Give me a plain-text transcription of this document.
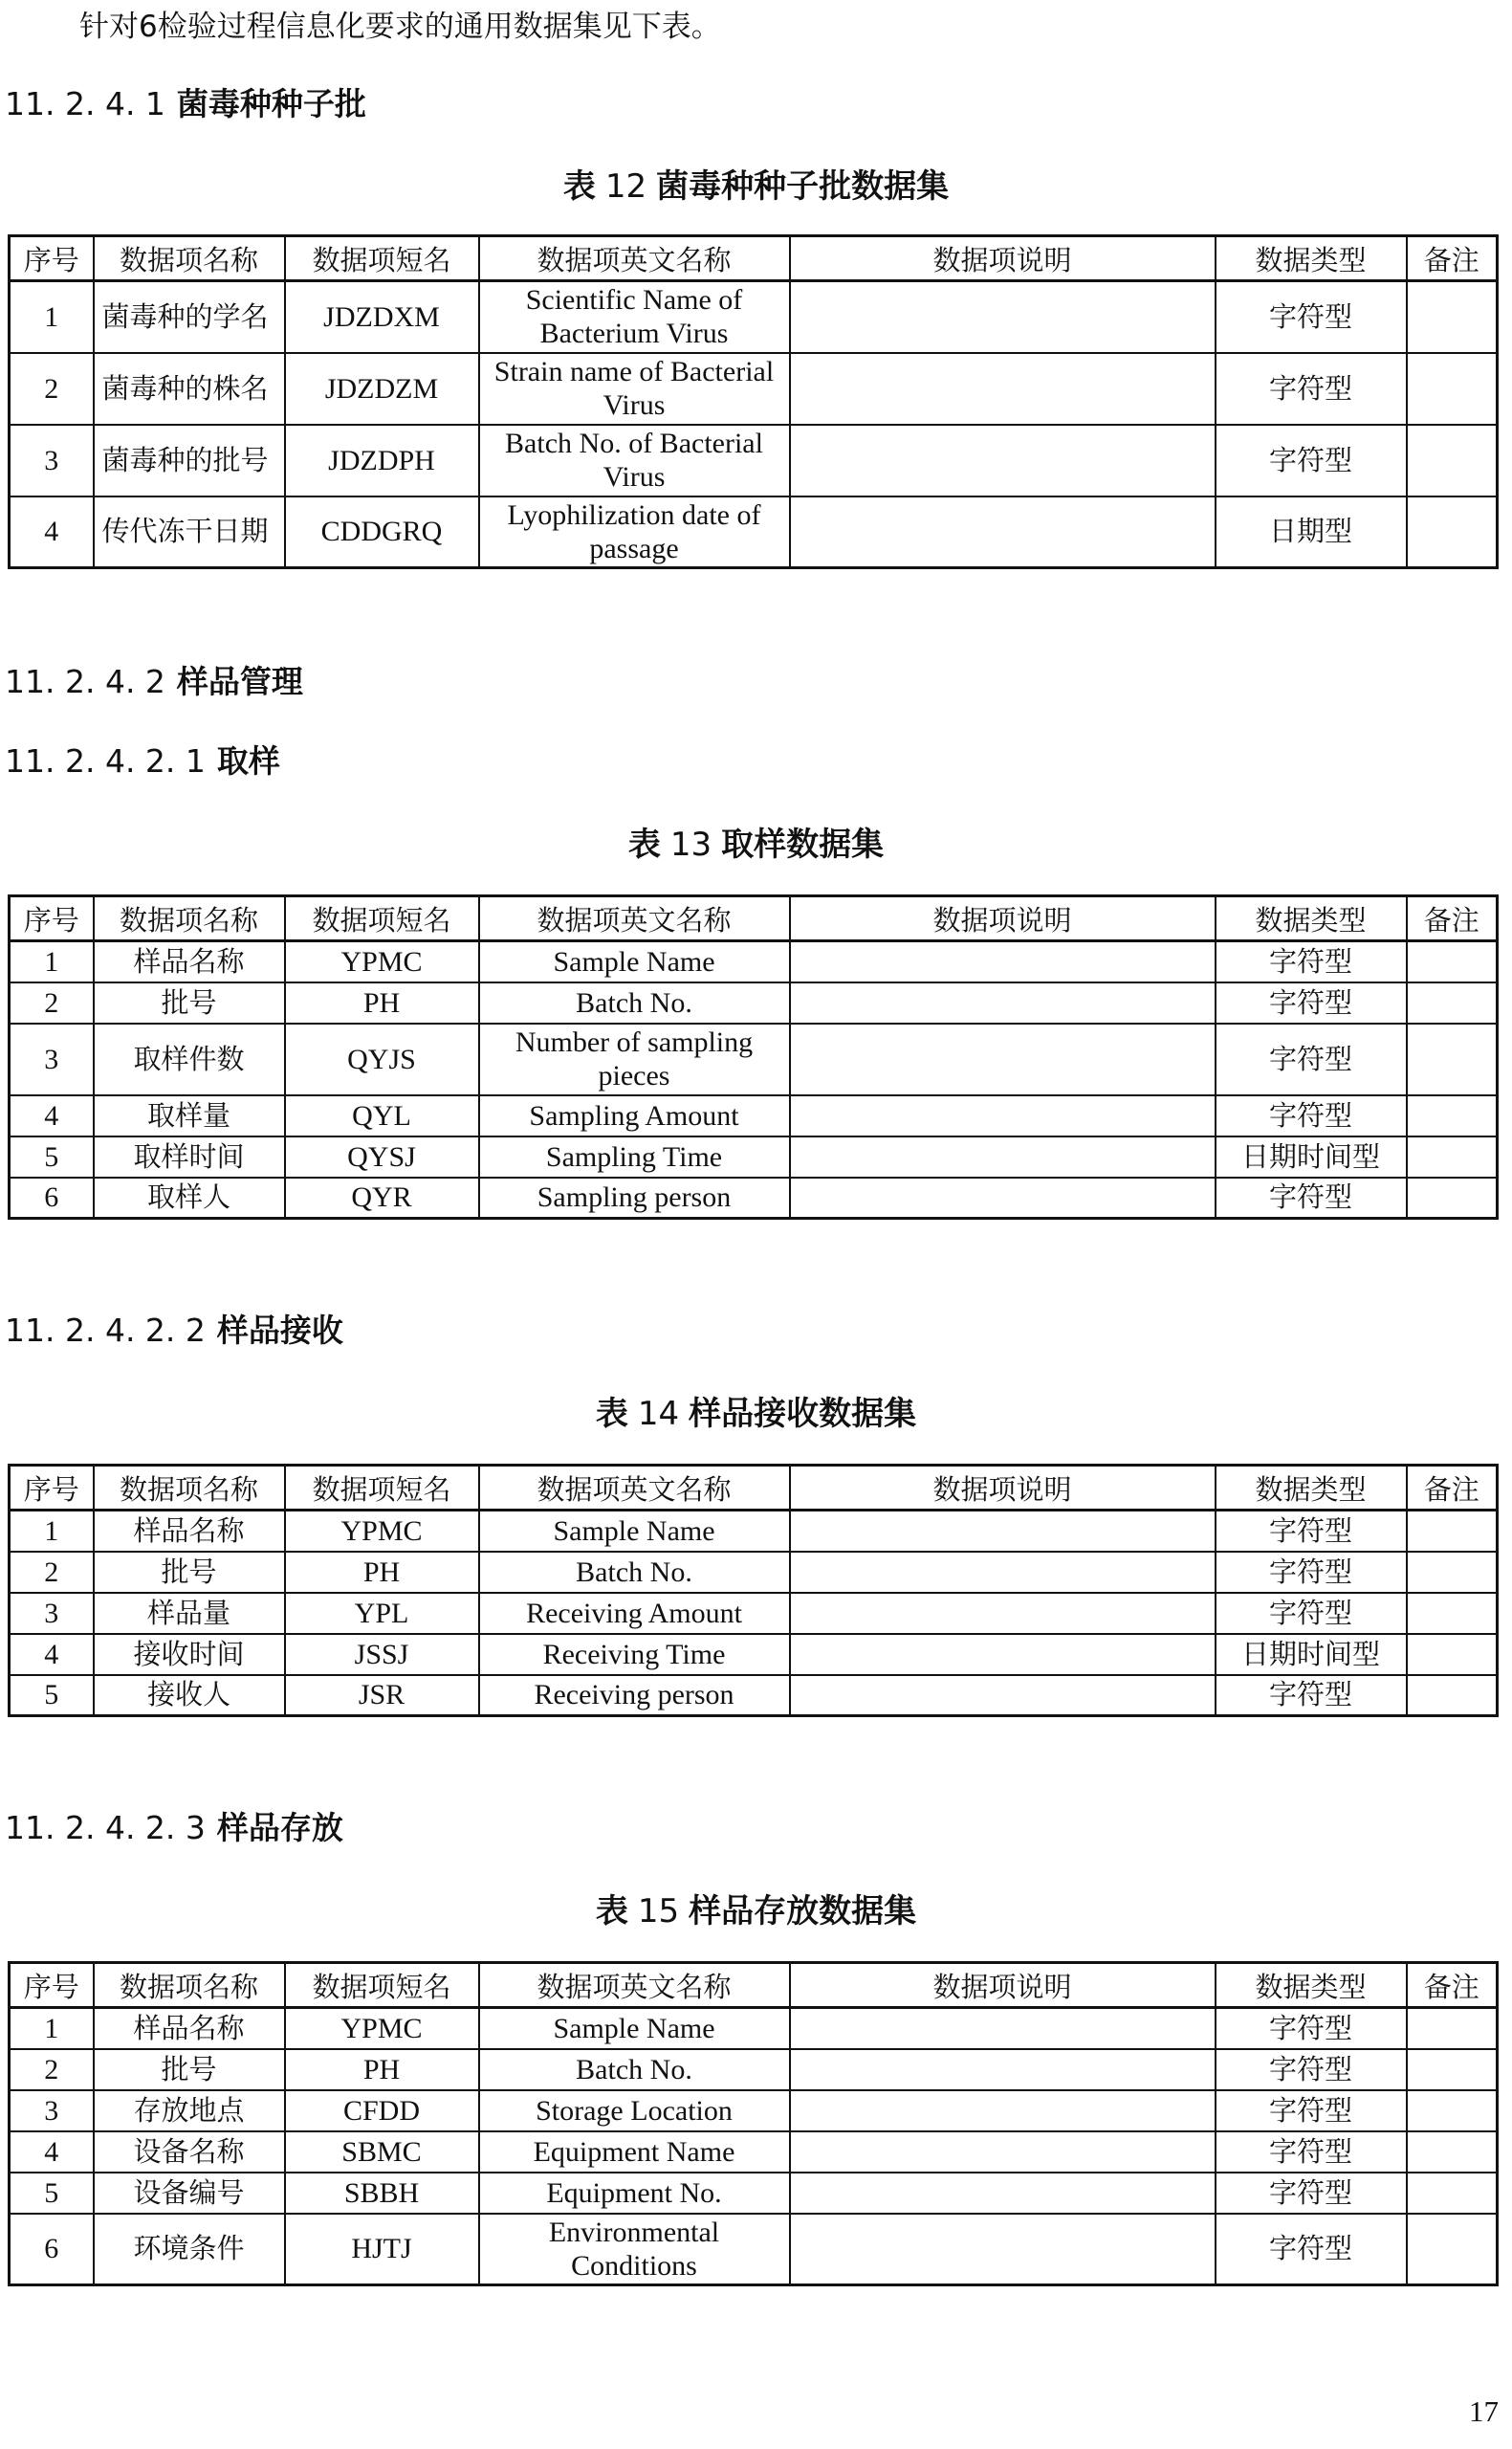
针对6检验过程信息化要求的通用数据集见下表。
11. 2. 4. 1 菌毒种种子批
表 12 菌毒种种子批数据集
序号	数据项名称	数据项短名	数据项英文名称	数据项说明	数据类型	备注
1	菌毒种的学名	JDZDXM	Scientific Name of Bacterium Virus		字符型	
2	菌毒种的株名	JDZDZM	Strain name of Bacterial Virus		字符型	
3	菌毒种的批号	JDZDPH	Batch No. of Bacterial Virus		字符型	
4	传代冻干日期	CDDGRQ	Lyophilization date of passage		日期型	
11. 2. 4. 2 样品管理
11. 2. 4. 2. 1 取样
表 13 取样数据集
序号	数据项名称	数据项短名	数据项英文名称	数据项说明	数据类型	备注
1	样品名称	YPMC	Sample Name		字符型	
2	批号	PH	Batch No.		字符型	
3	取样件数	QYJS	Number of sampling pieces		字符型	
4	取样量	QYL	Sampling Amount		字符型	
5	取样时间	QYSJ	Sampling Time		日期时间型	
6	取样人	QYR	Sampling person		字符型	
11. 2. 4. 2. 2 样品接收
表 14 样品接收数据集
序号	数据项名称	数据项短名	数据项英文名称	数据项说明	数据类型	备注
1	样品名称	YPMC	Sample Name		字符型	
2	批号	PH	Batch No.		字符型	
3	样品量	YPL	Receiving Amount		字符型	
4	接收时间	JSSJ	Receiving Time		日期时间型	
5	接收人	JSR	Receiving person		字符型	
11. 2. 4. 2. 3 样品存放
表 15 样品存放数据集
序号	数据项名称	数据项短名	数据项英文名称	数据项说明	数据类型	备注
1	样品名称	YPMC	Sample Name		字符型	
2	批号	PH	Batch No.		字符型	
3	存放地点	CFDD	Storage Location		字符型	
4	设备名称	SBMC	Equipment Name		字符型	
5	设备编号	SBBH	Equipment No.		字符型	
6	环境条件	HJTJ	Environmental Conditions		字符型	
17
